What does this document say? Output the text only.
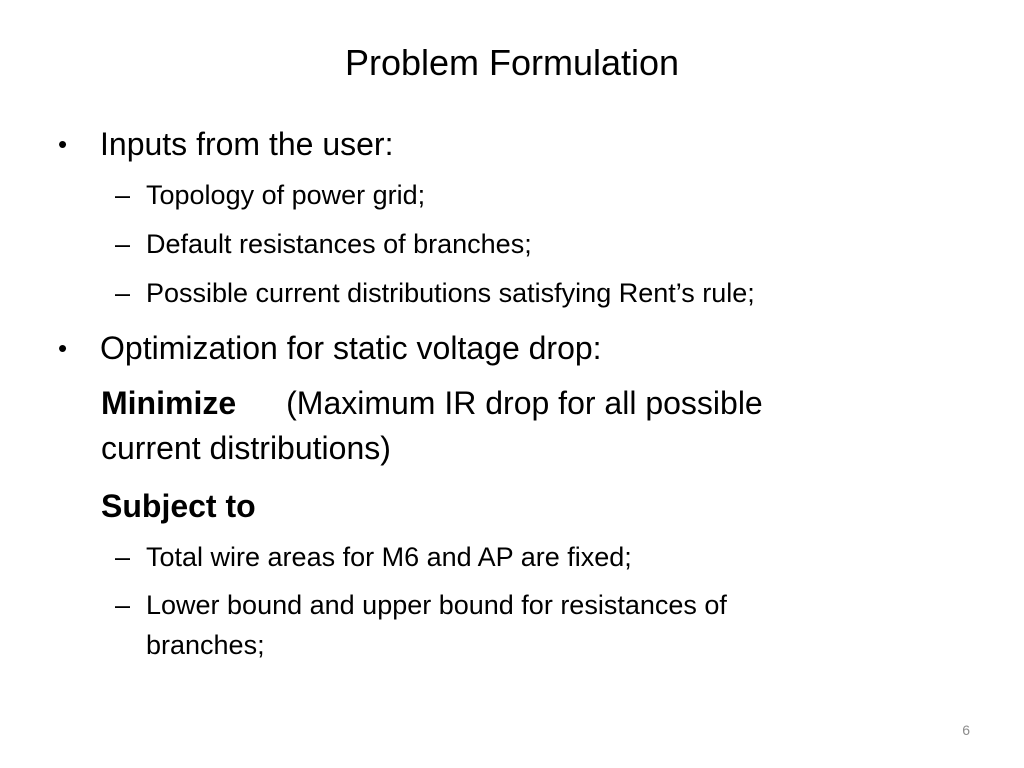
Problem Formulation
• Inputs from the user:
– Topology of power grid;
– Default resistances of branches;
– Possible current distributions satisfying Rent’s rule;
• Optimization for static voltage drop:
Minimize (Maximum IR drop for all possible
current distributions)
Subject to
– Total wire areas for M6 and AP are fixed;
– Lower bound and upper bound for resistances of
branches;
6
